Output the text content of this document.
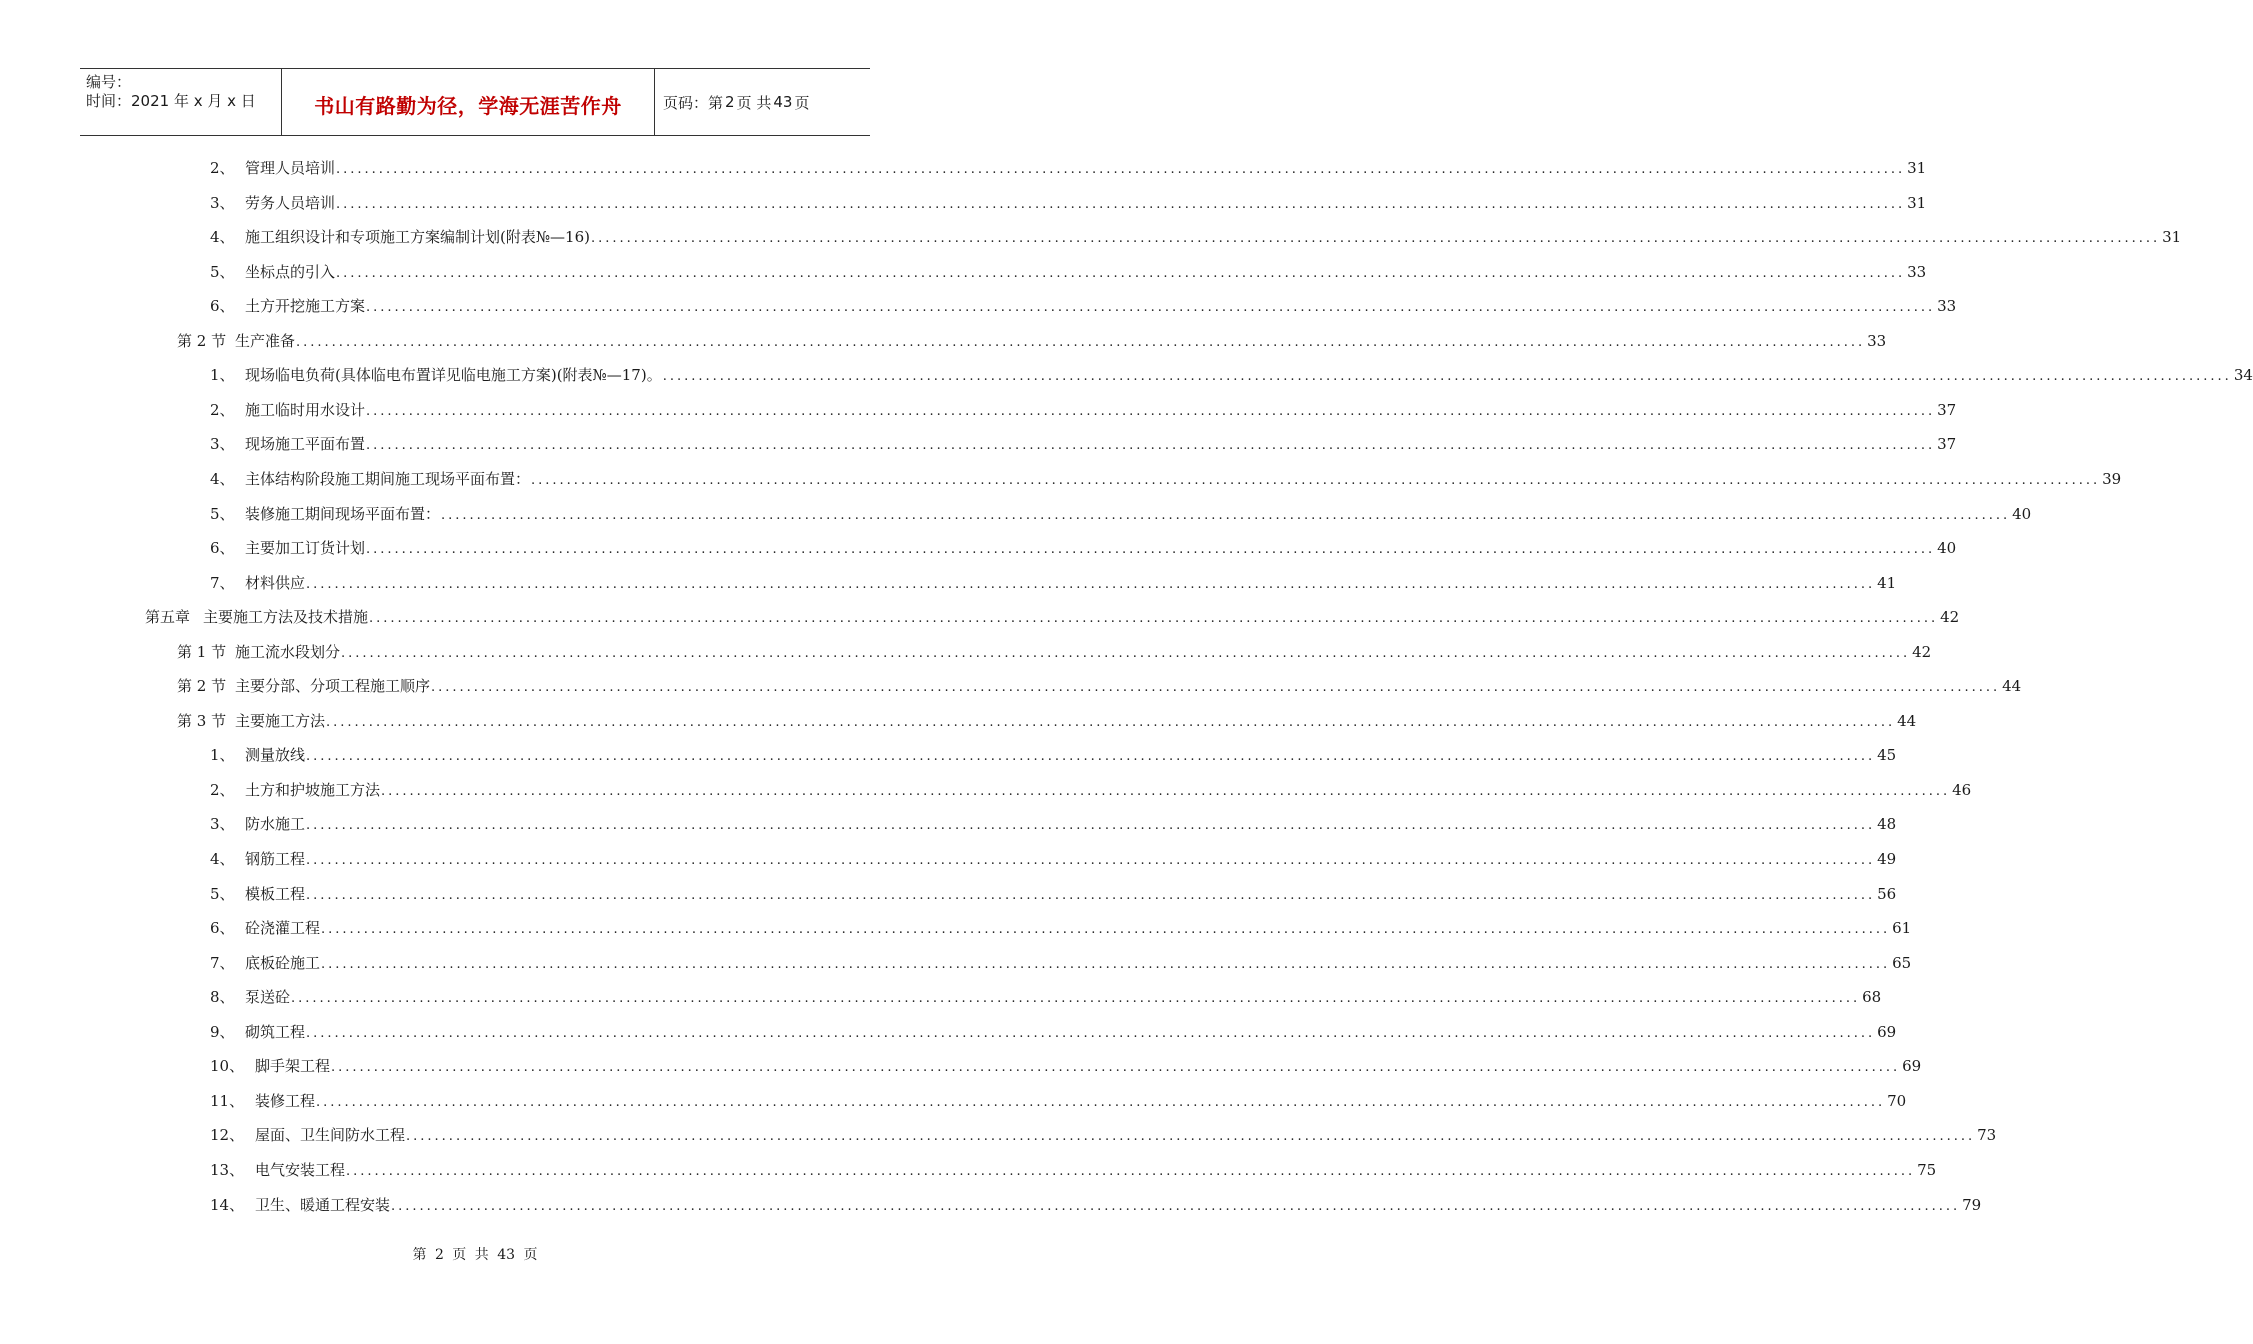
编号：
时间：2021 年 x 月 x 日	书山有路勤为径，学海无涯苦作舟	页码：第 2 页 共 43 页
2、 管理人员培训 ............................................................................................................................................................................................................................ 31
3、 劳务人员培训 ............................................................................................................................................................................................................................ 31
4、 施工组织设计和专项施工方案编制计划(附表№—16) ............................................................................................................................................................................................................................ 31
5、 坐标点的引入 ............................................................................................................................................................................................................................ 33
6、 土方开挖施工方案 ............................................................................................................................................................................................................................ 33
第 2 节 生产准备 ............................................................................................................................................................................................................................ 33
1、 现场临电负荷(具体临电布置详见临电施工方案)(附表№—17)。 ............................................................................................................................................................................................................................ 34
2、 施工临时用水设计 ............................................................................................................................................................................................................................ 37
3、 现场施工平面布置 ............................................................................................................................................................................................................................ 37
4、 主体结构阶段施工期间施工现场平面布置： ............................................................................................................................................................................................................................ 39
5、 装修施工期间现场平面布置： ............................................................................................................................................................................................................................ 40
6、 主要加工订货计划 ............................................................................................................................................................................................................................ 40
7、 材料供应 ............................................................................................................................................................................................................................ 41
第五章 主要施工方法及技术措施 ............................................................................................................................................................................................................................ 42
第 1 节 施工流水段划分 ............................................................................................................................................................................................................................ 42
第 2 节 主要分部、分项工程施工顺序 ............................................................................................................................................................................................................................ 44
第 3 节 主要施工方法 ............................................................................................................................................................................................................................ 44
1、 测量放线 ............................................................................................................................................................................................................................ 45
2、 土方和护坡施工方法 ............................................................................................................................................................................................................................ 46
3、 防水施工 ............................................................................................................................................................................................................................ 48
4、 钢筋工程 ............................................................................................................................................................................................................................ 49
5、 模板工程 ............................................................................................................................................................................................................................ 56
6、 砼浇灌工程 ............................................................................................................................................................................................................................ 61
7、 底板砼施工 ............................................................................................................................................................................................................................ 65
8、 泵送砼 ............................................................................................................................................................................................................................ 68
9、 砌筑工程 ............................................................................................................................................................................................................................ 69
10、 脚手架工程 ............................................................................................................................................................................................................................ 69
11、 装修工程 ............................................................................................................................................................................................................................ 70
12、 屋面、卫生间防水工程 ............................................................................................................................................................................................................................ 73
13、 电气安装工程 ............................................................................................................................................................................................................................ 75
14、 卫生、暖通工程安装 ............................................................................................................................................................................................................................ 79
第 2 页 共 43 页
